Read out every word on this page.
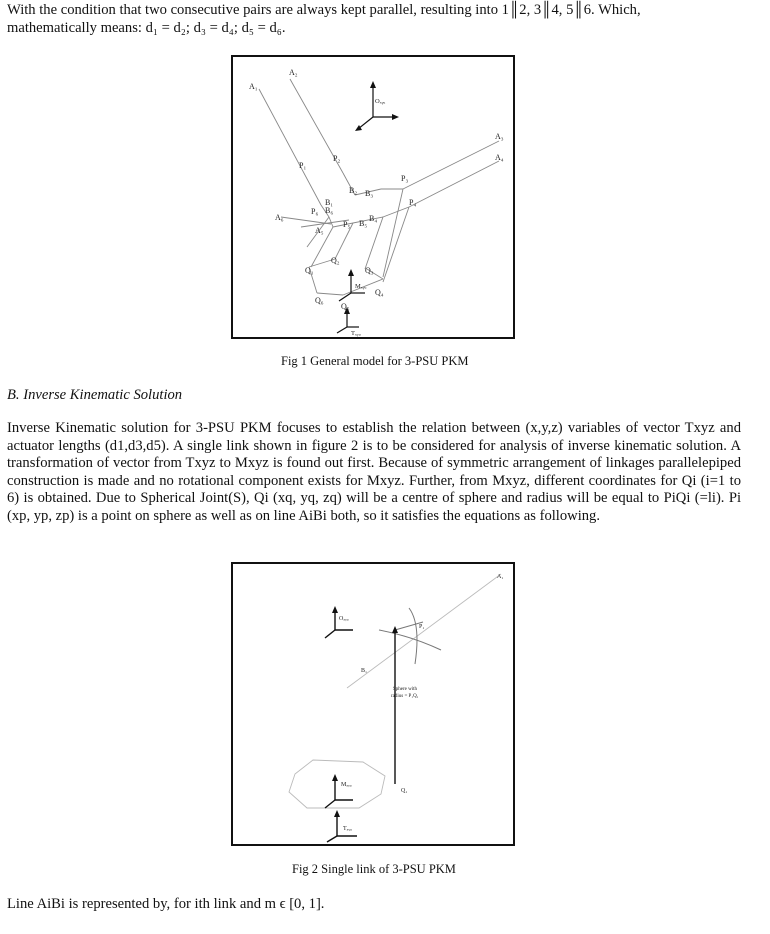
With the condition that two consecutive pairs are always kept parallel, resulting into 1║2, 3║4, 5║6. Which,

mathematically means: d₁ = d₂; d₃ = d₄; d₅ = d₆.

A₁
A₂
A₃
A₄
A₅
A₆
P₁
P₂
P₃
P₄
P₅
P₆
B₁
B₂ B₃
B₄
B₅
B₆
Q₁
Q₂
Q₃
Q₄
Q₅
Q₆
Oₓᵧᵤ
Mₓᵧᵤ
Tₓᵧᵤ

Fig 1 General model for 3-PSU PKM

B. Inverse Kinematic Solution

Inverse Kinematic solution for 3-PSU PKM focuses to establish the relation between (x,y,z) variables of vector Txyz and actuator lengths (d1,d3,d5). A single link shown in figure 2 is to be considered for analysis of inverse kinematic solution. A transformation of vector from Txyz to Mxyz is found out first. Because of symmetric arrangement of linkages parallelepiped construction is made and no rotational component exists for Mxyz. Further, from Mxyz, different coordinates for Qi (i=1 to 6) is obtained. Due to Spherical Joint(S), Qi (xq, yq, zq) will be a centre of sphere and radius will be equal to PiQi (=li). Pi (xp, yp, zp) is a point on sphere as well as on line AiBi both, so it satisfies the equations as following.

A₁
P₁
B₁
Q₁
Oₓᵧᵤ
Mₓᵧᵤ
Tₓᵧᵤ
Sphere with
radius = P₁Q₁

Fig 2 Single link of 3-PSU PKM

Line AiBi is represented by, for ith link and m ϵ [0, 1].
